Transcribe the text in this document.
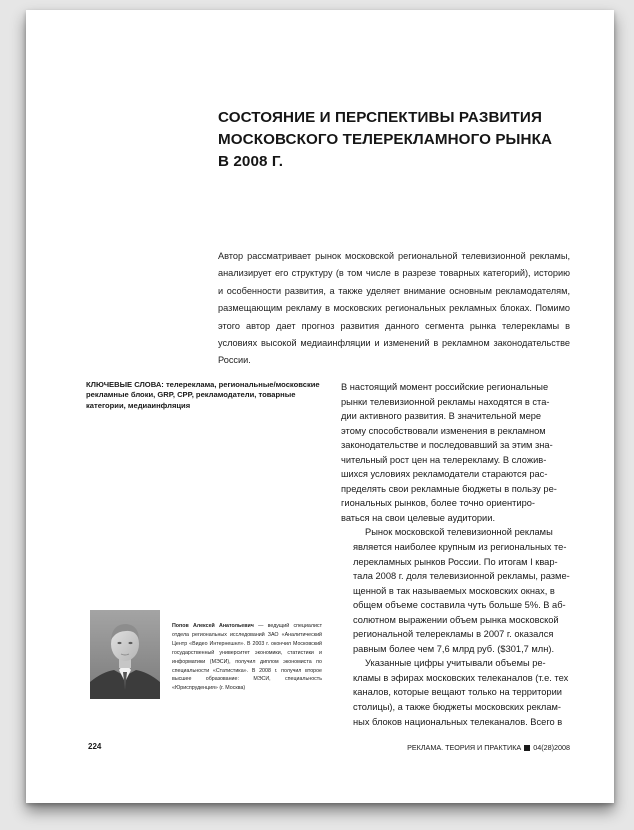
СОСТОЯНИЕ И ПЕРСПЕКТИВЫ РАЗВИТИЯ
МОСКОВСКОГО ТЕЛЕРЕКЛАМНОГО РЫНКА
В 2008 Г.

Автор рассматривает рынок московской региональной телевизионной рекламы, анализирует его структуру (в том числе в разрезе товарных категорий), историю и особенности развития, а также уделяет внимание основным рекламодателям, размещающим рекламу в московских региональных рекламных блоках. Помимо этого автор дает прогноз развития данного сегмента рынка телерекламы в условиях высокой медиаинфляции и изменений в рекламном законодательстве России.

КЛЮЧЕВЫЕ СЛОВА: телереклама, региональные/московские рекламные блоки, GRP, CPP, рекламодатели, товарные категории, медиаинфляция

В настоящий момент российские региональные
рынки телевизионной рекламы находятся в ста-
дии активного развития. В значительной мере
этому способствовали изменения в рекламном
законодательстве и последовавший за этим зна-
чительный рост цен на телерекламу. В сложив-
шихся условиях рекламодатели стараются рас-
пределять свои рекламные бюджеты в пользу ре-
гиональных рынков, более точно ориентиро-
ваться на свои целевые аудитории.

Рынок московской телевизионной рекламы
является наиболее крупным из региональных те-
лерекламных рынков России. По итогам I квар-
тала 2008 г. доля телевизионной рекламы, разме-
щенной в так называемых московских окнах, в
общем объеме составила чуть больше 5%. В аб-
солютном выражении объем рынка московской
региональной телерекламы в 2007 г. оказался
равным более чем 7,6 млрд руб. ($301,7 млн).

Указанные цифры учитывали объемы ре-
кламы в эфирах московских телеканалов (т.е. тех
каналов, которые вещают только на территории
столицы), а также бюджеты московских реклам-
ных блоков национальных телеканалов. Всего в

Попов Алексей Анатольевич — ведущий специалист отдела региональных исследований ЗАО «Аналитический Центр «Видео Интернешнл». В 2003 г. окончил Московский государственный университет экономики, статистики и информатики (МЭСИ), получил диплом экономиста по специальности «Статистика». В 2008 г. получил второе высшее образование: МЭСИ, специальность «Юриспруденция» (г. Москва)

224	РЕКЛАМА. ТЕОРИЯ И ПРАКТИКА 04(28)2008
